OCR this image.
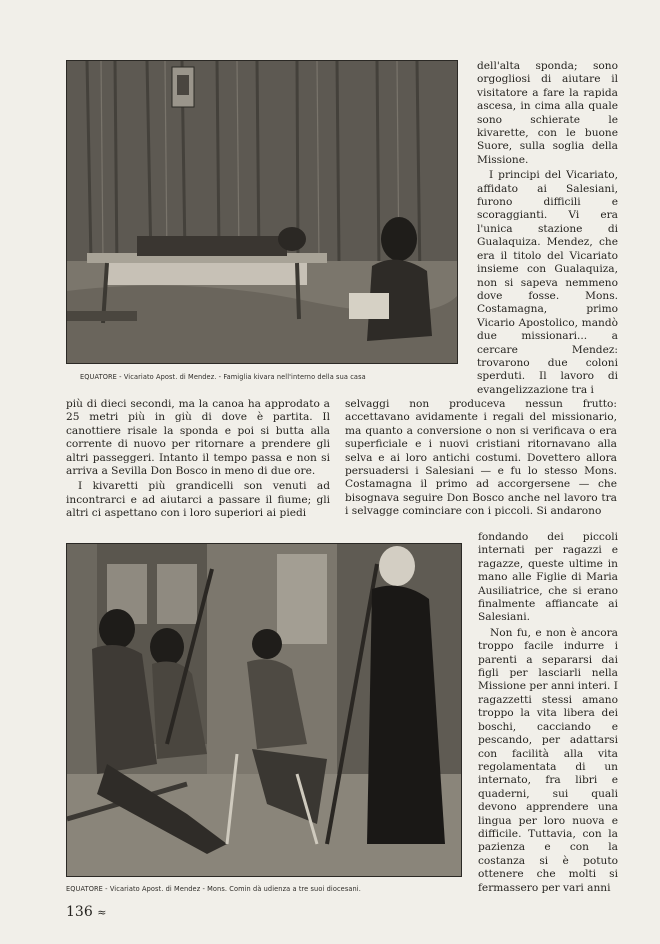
EQUATORE - Vicariato Apost. di Mendez. - Famiglia kivara nell'interno della sua casa

dell'alta sponda; sono orgogliosi di aiutare il visitatore a fare la rapida ascesa, in cima alla quale sono schierate le kivarette, con le buone Suore, sulla soglia della Missione.

I principi del Vicariato, affidato ai Salesiani, furono difficili e scoraggianti. Vi era l'unica stazione di Gualaquiza. Mendez, che era il titolo del Vicariato insieme con Gualaquiza, non si sapeva nemmeno dove fosse. Mons. Costamagna, primo Vicario Apostolico, mandò due missionari... a cercare Mendez: trovarono due coloni sperduti. Il lavoro di evangelizzazione tra i

più di dieci secondi, ma la canoa ha approdato a 25 metri più in giù di dove è partita. Il canottiere risale la sponda e poi si butta alla corrente di nuovo per ritornare a prendere gli altri passeggeri. Intanto il tempo passa e non si arriva a Sevilla Don Bosco in meno di due ore.

I kivaretti più grandicelli son venuti ad incontrarci e ad aiutarci a passare il fiume; gli altri ci aspettano con i loro superiori ai piedi

selvaggi non produceva nessun frutto: accettavano avidamente i regali del missionario, ma quanto a conversione o non si verificava o era superficiale e i nuovi cristiani ritornavano alla selva e ai loro antichi costumi. Dovettero allora persuadersi i Salesiani — e fu lo stesso Mons. Costamagna il primo ad accorgersene — che bisognava seguire Don Bosco anche nel lavoro tra i selvagge cominciare con i piccoli. Si andarono

EQUATORE - Vicariato Apost. di Mendez - Mons. Comin dà udienza a tre suoi diocesani.

fondando dei piccoli internati per ragazzi e ragazze, queste ultime in mano alle Figlie di Maria Ausiliatrice, che si erano finalmente affiancate ai Salesiani.

Non fu, e non è ancora troppo facile indurre i parenti a separarsi dai figli per lasciarli nella Missione per anni interi. I ragazzetti stessi amano troppo la vita libera dei boschi, cacciando e pescando, per adattarsi con facilità alla vita regolamentata di un internato, fra libri e quaderni, sui quali devono apprendere una lingua per loro nuova e difficile. Tuttavia, con la pazienza e con la costanza si è potuto ottenere che molti si fermassero per vari anni

136 ≈
